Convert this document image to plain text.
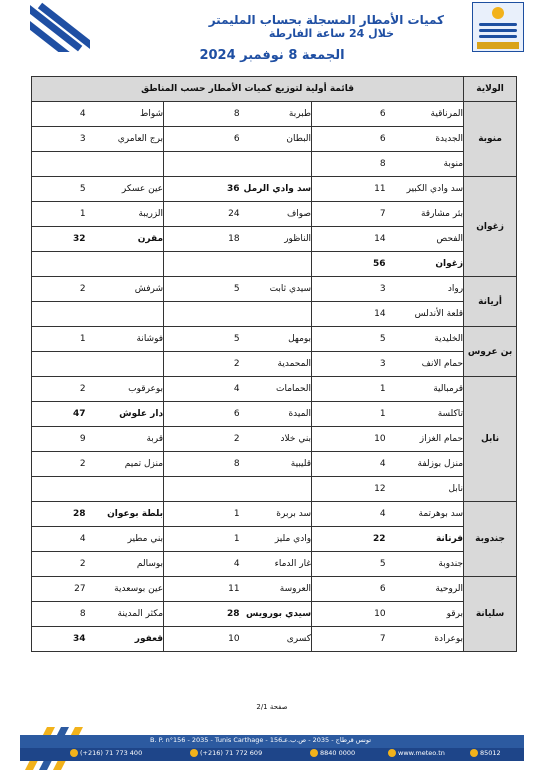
كميات الأمطار المسجلة بحساب المليمتر
خلال 24 ساعة الفارطة
الجمعة 8 نوفمبر 2024
الولاية	قائمة أولية لتوزيع كميات الأمطار حسب المناطق					
منوبة	المرناقية	6	طبربة	8	شواط	4
	الجديدة	6	البطان	6	برج العامري	3
	منوبة	8				
زغوان	سد وادي الكبير	11	سد وادي الرمل	36	عين عسكر	5
	بئر مشارقة	7	صواف	24	الزريبة	1
	الفحص	14	الناظور	18	مقرن	32
	زغوان	56				
أريانة	رواد	3	سيدي ثابت	5	شرفش	2
	قلعة الأندلس	14				
بن عروس	الخليدية	5	بومهل	5	فوشانة	1
	حمام الانف	3	المحمدية	2		
نابل	قرمبالية	1	الحمامات	4	بوعرقوب	2
	تاكلسة	1	الميدة	6	دار علوش	47
	حمام الغزاز	10	بني خلاد	2	قربة	9
	منزل بوزلفة	4	قليبية	8	منزل تميم	2
	نابل	12				
جندوبة	سد بوهرتمة	4	سد بربرة	1	بلطة بوعوان	28
	فرنانة	22	وادي مليز	1	بني مطير	4
	جندوبة	5	غار الدماء	4	بوسالم	2
سليانة	الروحية	6	العروسة	11	عين بوسعدية	27
	برقو	10	سيدي بورويس	28	مكثر المدينة	8
	بوعرادة	7	كسرى	10	قعفور	34
صفحة 2/1
B. P. n°156 - 2035 - Tunis Carthage - تونس قرطاج - 2035 - ص.ب.عـ156
(+216) 71 773 400	(+216) 71 772 609	8840 0000	www.meteo.tn	85012
